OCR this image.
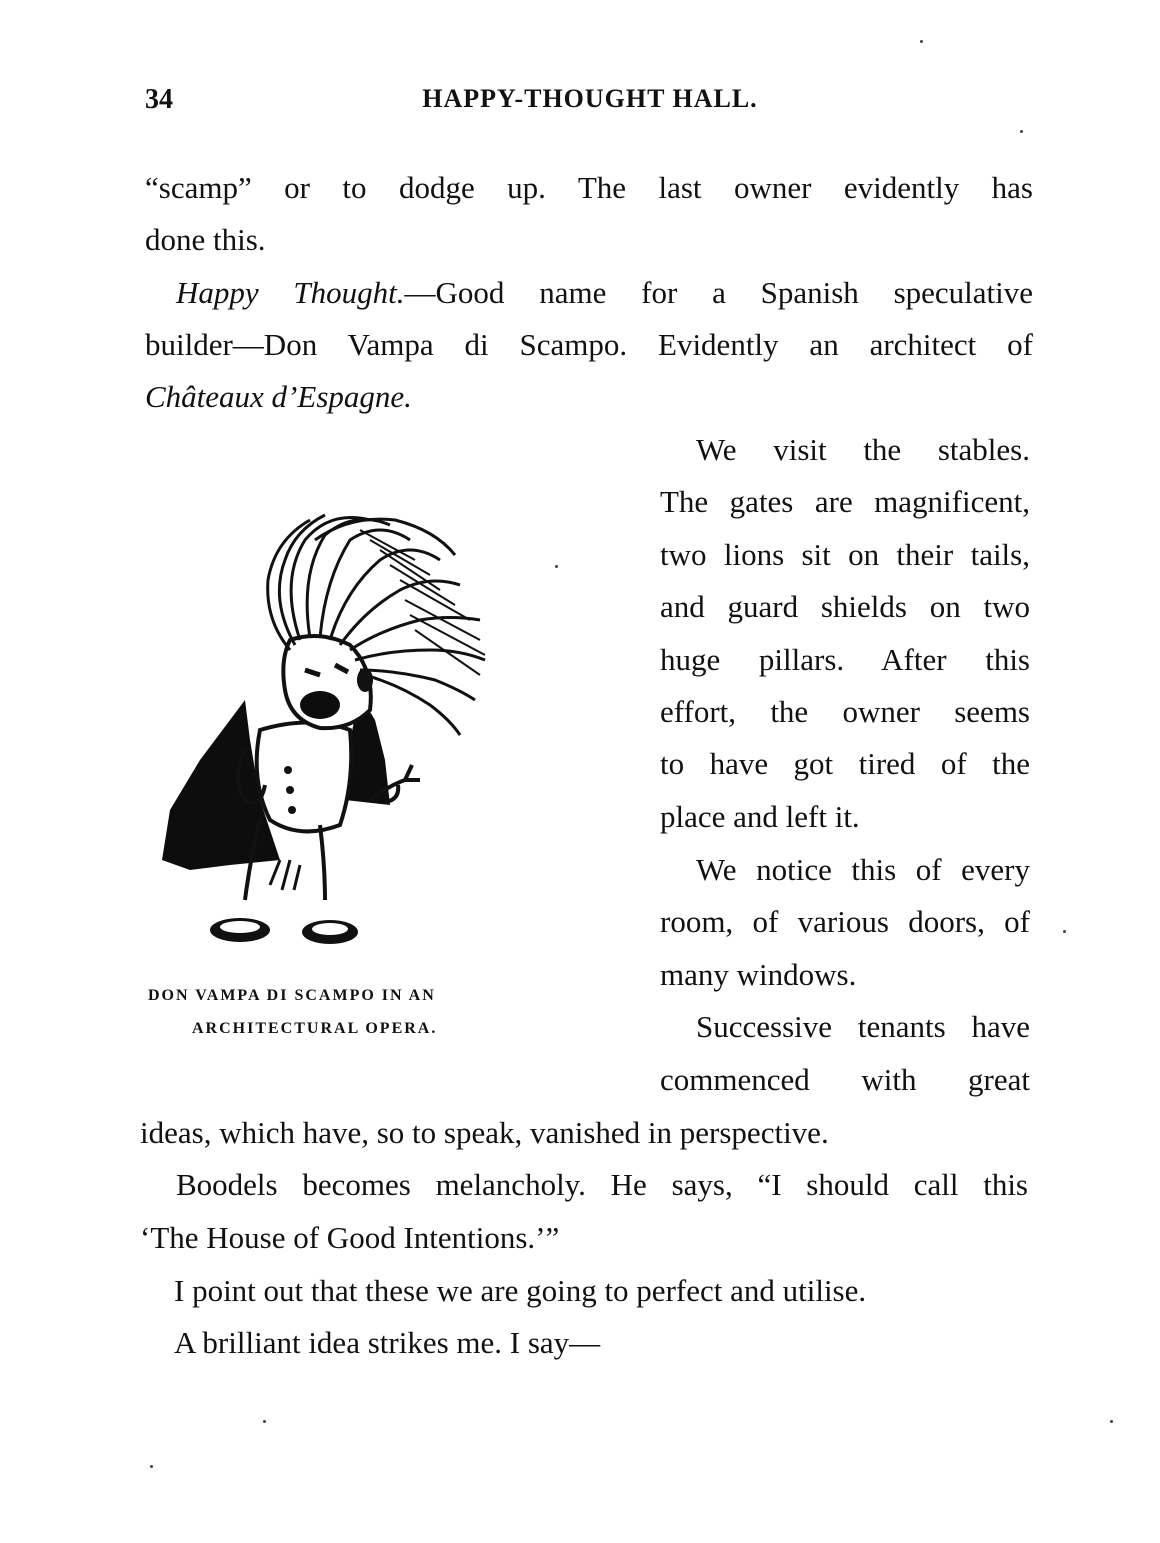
34	HAPPY-THOUGHT HALL.
“scamp” or to dodge up. The last owner evidently has
done this.
Happy Thought.—Good name for a Spanish speculative
builder—Don Vampa di Scampo. Evidently an architect of
Châteaux d’Espagne.
We visit the stables.
The gates are magnificent,
two lions sit on their tails,
and guard shields on two
huge pillars. After this
effort, the owner seems
to have got tired of the
place and left it.
We notice this of every
room, of various doors, of
many windows.
Successive tenants have
commenced with great
ideas, which have, so to speak, vanished in perspective.
Boodels becomes melancholy. He says, “I should call this
‘The House of Good Intentions.’”
I point out that these we are going to perfect and utilise.
A brilliant idea strikes me. I say—
DON VAMPA DI SCAMPO IN AN
ARCHITECTURAL OPERA.
